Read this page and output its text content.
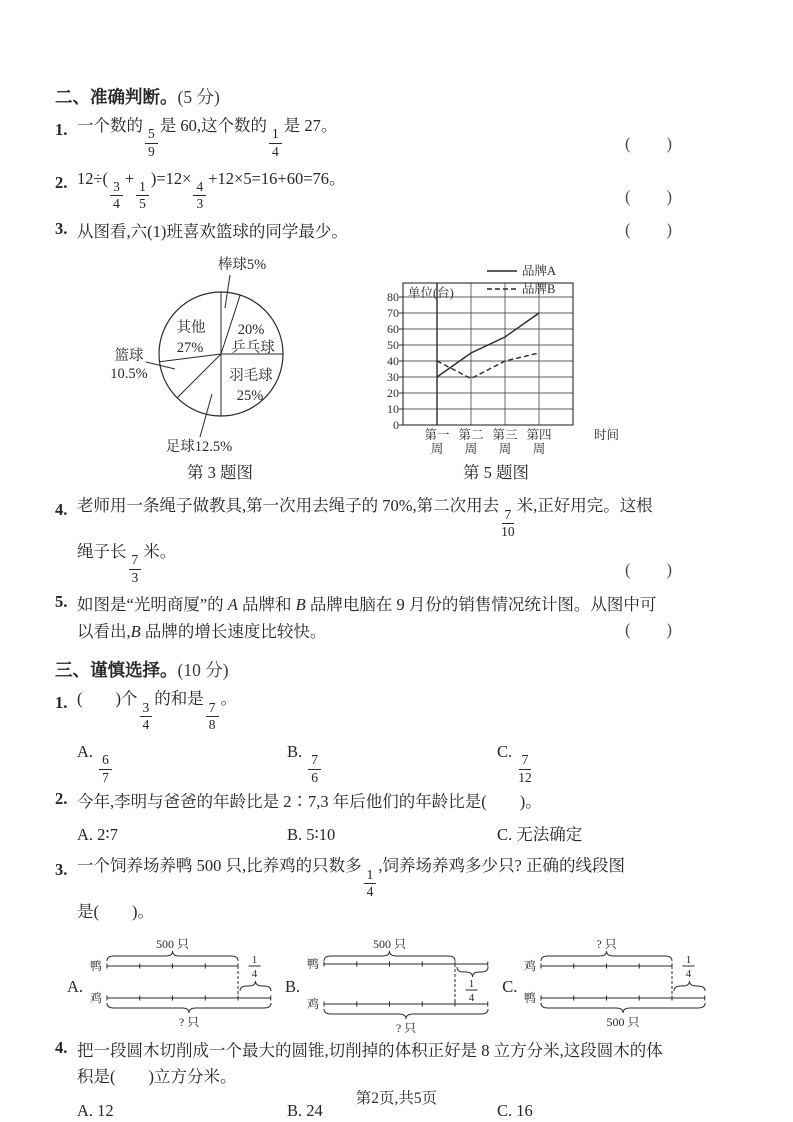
二、准确判断。(5 分)
1. 一个数的
$\frac{5}{9}$
是 60,这个数的
$\frac{1}{4}$
是 27。
(　　)
2. 12÷(
$\frac{3}{4}$
+
$\frac{1}{5}$
)=12×
$\frac{4}{3}$
+12×5=16+60=76。
(　　)
3. 从图看,六(1)班喜欢篮球的同学最少。	(　　)
棒球5%
20%
乒乓球
羽毛球
25%
足球12.5%
篮球
10.5%
其他
27%
第 3 题图
0
10
20
30
40
50
60
70
80
第一周
第二周
第三周
第四周
单位(台)
时间
品牌A
品牌B
第 5 题图
4. 老师用一条绳子做教具,第一次用去绳子的 70%,第二次用去
$\frac{7}{10}$
米,正好用完。这根
绳子长
$\frac{7}{3}$
米。
(　　)
5. 如图是“光明商厦”的 A 品牌和 B 品牌电脑在 9 月份的销售情况统计图。从图中可
以看出,B 品牌的增长速度比较快。	(　　)
三、谨慎选择。(10 分)
1. (　　)个
$\frac{3}{4}$
的和是
$\frac{7}{8}$
。
A.
$\frac{6}{7}$
B.
$\frac{7}{6}$
C.
$\frac{7}{12}$
2. 今年,李明与爸爸的年龄比是 2∶7,3 年后他们的年龄比是(　　)。
A. 2∶7	B. 5∶10	C. 无法确定
3. 一个饲养场养鸭 500 只,比养鸡的只数多
$\frac{1}{4}$
,饲养场养鸡多少只? 正确的线段图
是(　　)。
A.
500 只
鸭	1
4
鸡
? 只
B.
500 只
鸭
1
4
鸡
? 只
C.
? 只
鸡	1
4
鸭
500 只
4. 把一段圆木切削成一个最大的圆锥,切削掉的体积正好是 8 立方分米,这段圆木的体
积是(　　)立方分米。
A. 12	B. 24	C. 16
第2页,共5页
